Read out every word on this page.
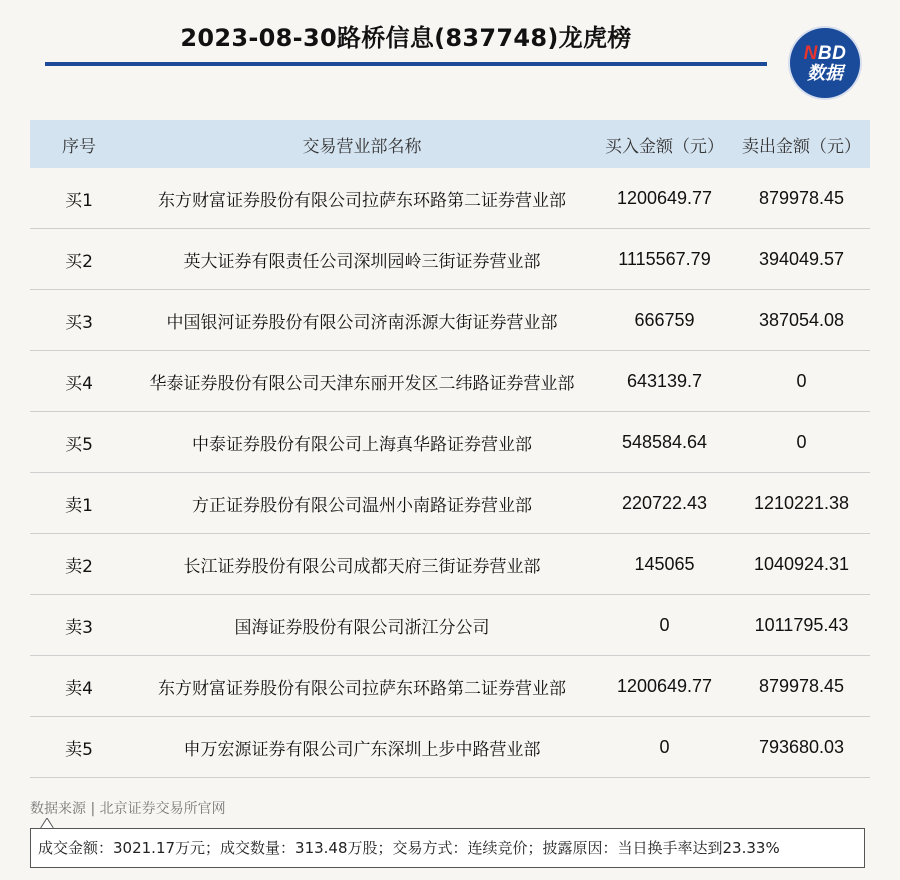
2023-08-30路桥信息(837748)龙虎榜
NBD
数据
序号	交易营业部名称	买入金额（元）	卖出金额（元）
买1	东方财富证券股份有限公司拉萨东环路第二证券营业部	1200649.77	879978.45
买2	英大证券有限责任公司深圳园岭三街证券营业部	1115567.79	394049.57
买3	中国银河证券股份有限公司济南泺源大街证券营业部	666759	387054.08
买4	华泰证券股份有限公司天津东丽开发区二纬路证券营业部	643139.7	0
买5	中泰证券股份有限公司上海真华路证券营业部	548584.64	0
卖1	方正证券股份有限公司温州小南路证券营业部	220722.43	1210221.38
卖2	长江证券股份有限公司成都天府三街证券营业部	145065	1040924.31
卖3	国海证券股份有限公司浙江分公司	0	1011795.43
卖4	东方财富证券股份有限公司拉萨东环路第二证券营业部	1200649.77	879978.45
卖5	申万宏源证券有限公司广东深圳上步中路营业部	0	793680.03
数据来源 | 北京证券交易所官网
成交金额：3021.17万元；成交数量：313.48万股；交易方式：连续竞价；披露原因：当日换手率达到23.33%
